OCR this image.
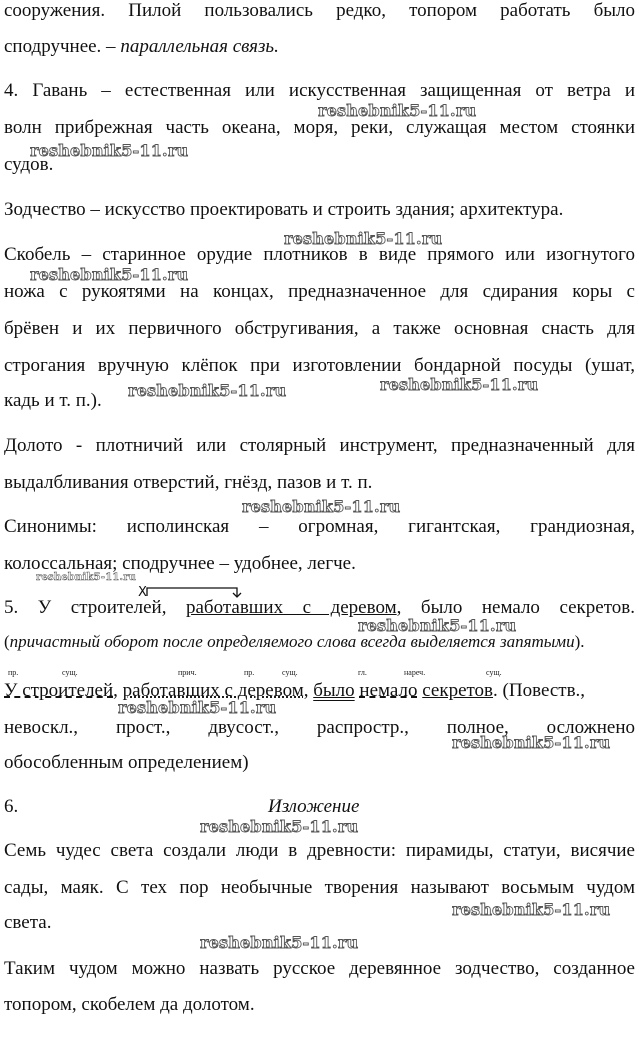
сооружения. Пилой пользовались редко, топором работать было
сподручнее. – параллельная связь.
4. Гавань – естественная или искусственная защищенная от ветра и
волн прибрежная часть океана, моря, реки, служащая местом стоянки
судов.
Зодчество – искусство проектировать и строить здания; архитектура.
Скобель – старинное орудие плотников в виде прямого или изогнутого
ножа с рукоятями на концах, предназначенное для сдирания коры с
брёвен и их первичного обстругивания, а также основная снасть для
строгания вручную клёпок при изготовлении бондарной посуды (ушат,
кадь и т. п.).
Долото - плотничий или столярный инструмент, предназначенный для
выдалбливания отверстий, гнёзд, пазов и т. п.
Синонимы: исполинская – огромная, гигантская, грандиозная,
колоссальная; сподручнее – удобнее, легче.
X
5. У строителей, работавших с деревом, было немало секретов.
(причастный оборот после определяемого слова всегда выделяется запятыми).
пр.	сущ.	прич.	пр.	сущ.	гл.	нареч.	сущ.
У строителей, работавших с деревом, было немало секретов. (Повеств.,
невоскл., прост., двусост., распростр., полное, осложнено
обособленным определением)
6.	Изложение
Семь чудес света создали люди в древности: пирамиды, статуи, висячие
сады, маяк. С тех пор необычные творения называют восьмым чудом
света.
Таким чудом можно назвать русское деревянное зодчество, созданное
топором, скобелем да долотом.
reshebnik5-11.ru
reshebnik5-11.ru
reshebnik5-11.ru
reshebnik5-11.ru
reshebnik5-11.ru	reshebnik5-11.ru
reshebnik5-11.ru
reshebnik5-11.ru
reshebnik5-11.ru
reshebnik5-11.ru
reshebnik5-11.ru
reshebnik5-11.ru
reshebnik5-11.ru
reshebnik5-11.ru
